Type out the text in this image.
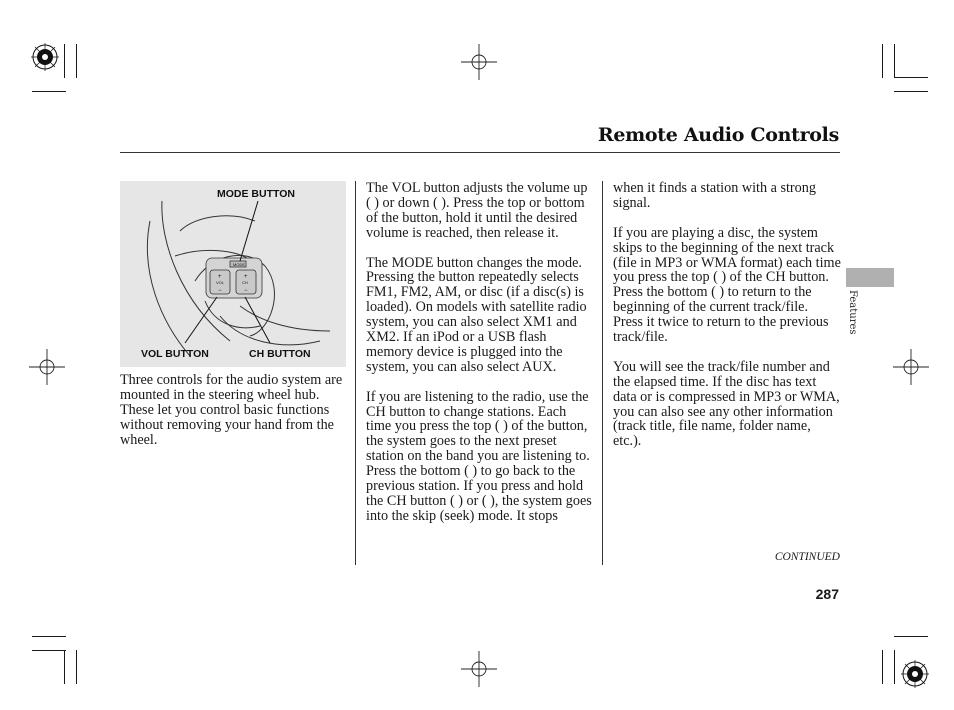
Remote Audio Controls
MODE
VOL	CH
+	+
−	−
MODE BUTTON
VOL BUTTON	CH BUTTON

Three controls for the audio system are mounted in the steering wheel hub. These let you control basic functions without removing your hand from the wheel.

The VOL button adjusts the volume up ( ) or down ( ). Press the top or bottom of the button, hold it until the desired volume is reached, then release it.

The MODE button changes the mode. Pressing the button repeatedly selects FM1, FM2, AM, or disc (if a disc(s) is loaded). On models with satellite radio system, you can also select XM1 and XM2. If an iPod or a USB flash memory device is plugged into the system, you can also select AUX.

If you are listening to the radio, use the CH button to change stations. Each time you press the top ( ) of the button, the system goes to the next preset station on the band you are listening to. Press the bottom ( ) to go back to the previous station. If you press and hold the CH button ( ) or ( ), the system goes into the skip (seek) mode. It stops

when it finds a station with a strong signal.

If you are playing a disc, the system skips to the beginning of the next track (file in MP3 or WMA format) each time you press the top ( ) of the CH button. Press the bottom ( ) to return to the beginning of the current track/file. Press it twice to return to the previous track/file.

You will see the track/file number and the elapsed time. If the disc has text data or is compressed in MP3 or WMA, you can also see any other information (track title, file name, folder name, etc.).

Features
CONTINUED
287
